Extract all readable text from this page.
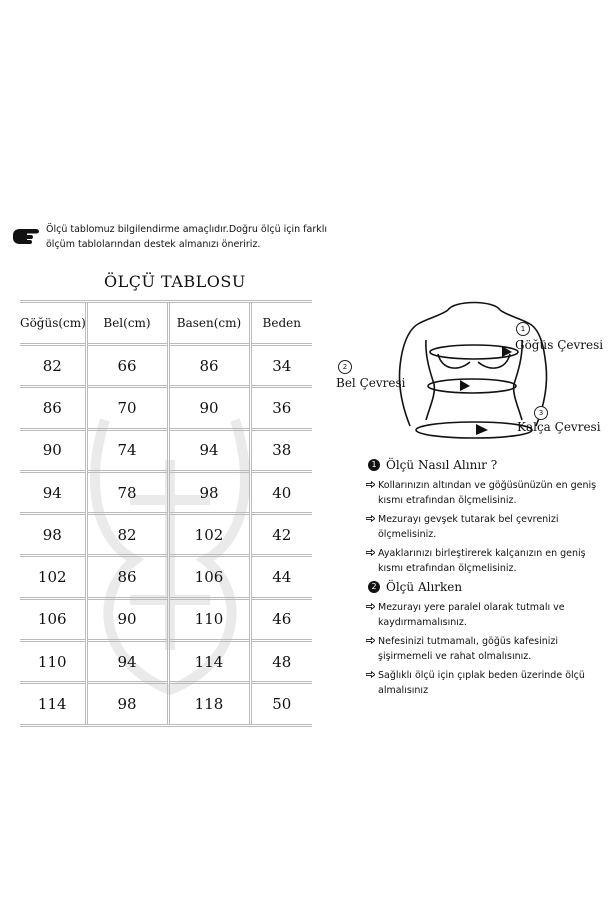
Ölçü tablomuz bilgilendirme amaçlıdır.Doğru ölçü için farklı

ölçüm tablolarından destek almanızı öneririz.

ÖLÇÜ TABLOSU
Göğüs(cm)	Bel(cm)	Basen(cm)	Beden
82	66	86	34
86	70	90	36
90	74	94	38
94	78	98	40
98	82	102	42
102	86	106	44
106	90	110	46
110	94	114	48
114	98	118	50
1
Göğüs Çevresi
2
Bel Çevresi
3
Kalça Çevresi
1 Ölçü Nasıl Alınır ?
Kollarınızın altından ve göğüsünüzün en geniş kısmı etrafından ölçmelisiniz.
Mezurayı gevşek tutarak bel çevrenizi ölçmelisiniz.
Ayaklarınızı birleştirerek kalçanızın en geniş kısmı etrafından ölçmelisiniz.
2 Ölçü Alırken
Mezurayı yere paralel olarak tutmalı ve kaydırmamalısınız.
Nefesinizi tutmamalı, göğüs kafesinizi şişirmemeli ve rahat olmalısınız.
Sağlıklı ölçü için çıplak beden üzerinde ölçü almalısınız
